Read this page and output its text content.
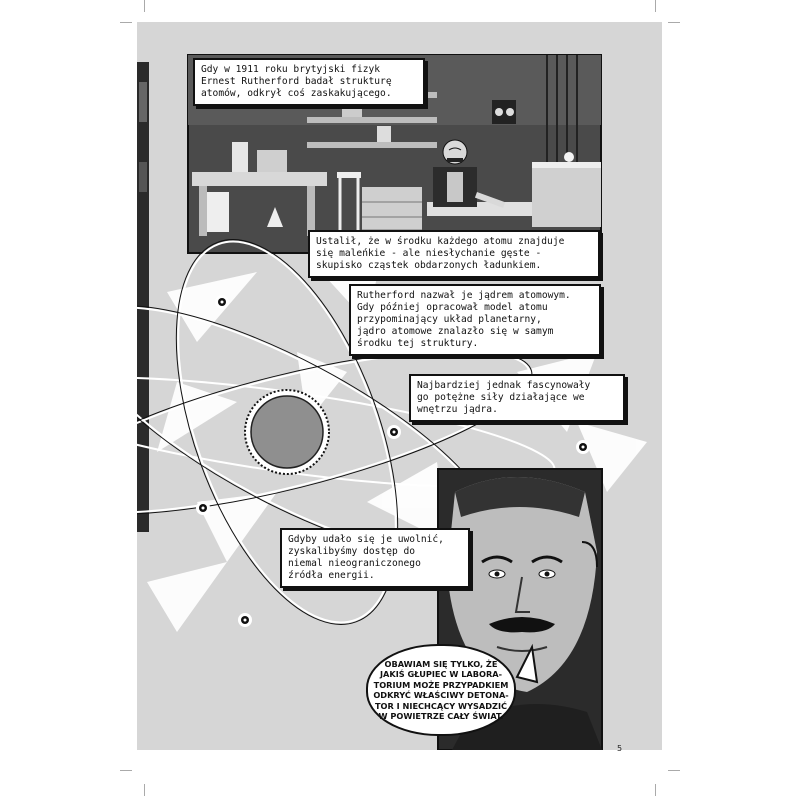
Gdy w 1911 roku brytyjski fizyk
Ernest Rutherford badał strukturę
atomów, odkrył coś zaskakującego.
Ustalił, że w środku każdego atomu znajduje
się maleńkie - ale niesłychanie gęste -
skupisko cząstek obdarzonych ładunkiem.
Rutherford nazwał je jądrem atomowym.
Gdy później opracował model atomu
przypominający układ planetarny,
jądro atomowe znalazło się w samym
środku tej struktury.
Najbardziej jednak fascynowały
go potężne siły działające we
wnętrzu jądra.
Gdyby udało się je uwolnić,
zyskalibyśmy dostęp do
niemal nieograniczonego
źródła energii.
OBAWIAM SIĘ TYLKO, ŻE
JAKIŚ GŁUPIEC W LABORA-
TORIUM MOŻE PRZYPADKIEM
ODKRYĆ WŁAŚCIWY DETONA-
TOR I NIECHCĄCY WYSADZIĆ
W POWIETRZE CAŁY ŚWIAT.
5
